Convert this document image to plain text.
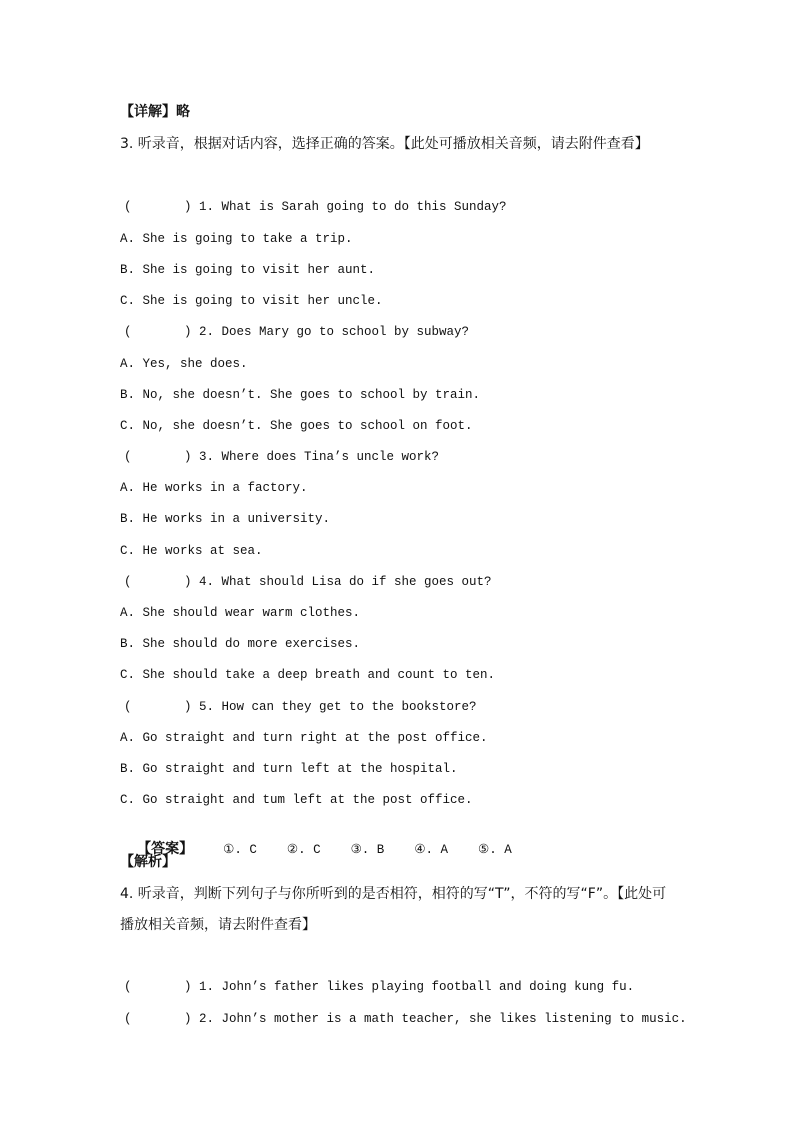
【详解】略
3. 听录音，根据对话内容，选择正确的答案。【此处可播放相关音频，请去附件查看】
(       ) 1. What is Sarah going to do this Sunday?
A. She is going to take a trip.
B. She is going to visit her aunt.
C. She is going to visit her uncle.
(       ) 2. Does Mary go to school by subway?
A. Yes, she does.
B. No, she doesn’t. She goes to school by train.
C. No, she doesn’t. She goes to school on foot.
(       ) 3. Where does Tina’s uncle work?
A. He works in a factory.
B. He works in a university.
C. He works at sea.
(       ) 4. What should Lisa do if she goes out?
A. She should wear warm clothes.
B. She should do more exercises.
C. She should take a deep breath and count to ten.
(       ) 5. How can they get to the bookstore?
A. Go straight and turn right at the post office.
B. Go straight and turn left at the hospital.
C. Go straight and tum left at the post office.

【答案】 ①. C    ②. C    ③. B    ④. A    ⑤. A

【解析】
4. 听录音，判断下列句子与你所听到的是否相符，相符的写“T”，不符的写“F”。【此处可
播放相关音频，请去附件查看】
(       ) 1. John’s father likes playing football and doing kung fu.
(       ) 2. John’s mother is a math teacher, she likes listening to music.
